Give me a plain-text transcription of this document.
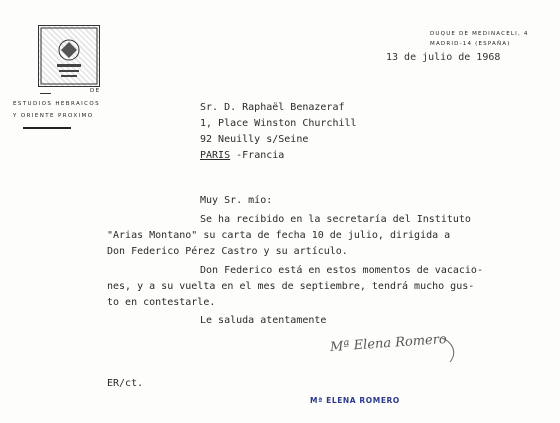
DE
ESTUDIOS HEBRAICOS
Y ORIENTE PROXIMO
DUQUE DE MEDINACELI, 4
MADRID-14 (ESPAÑA)
13 de julio de 1968
Sr. D. Raphaël Benazeraf
1, Place Winston Churchill
92 Neuilly s/Seine
PARIS -Francia
Muy Sr. mío:
Se ha recibido en la secretaría del Instituto
"Arias Montano" su carta de fecha 10 de julio, dirigida a
Don Federico Pérez Castro y su artículo.
Don Federico está en estos momentos de vacacio-
nes, y a su vuelta en el mes de septiembre, tendrá mucho gus-
to en contestarle.
Le saluda atentamente
Mª Elena Romero
ER/ct.
Mª ELENA ROMERO
